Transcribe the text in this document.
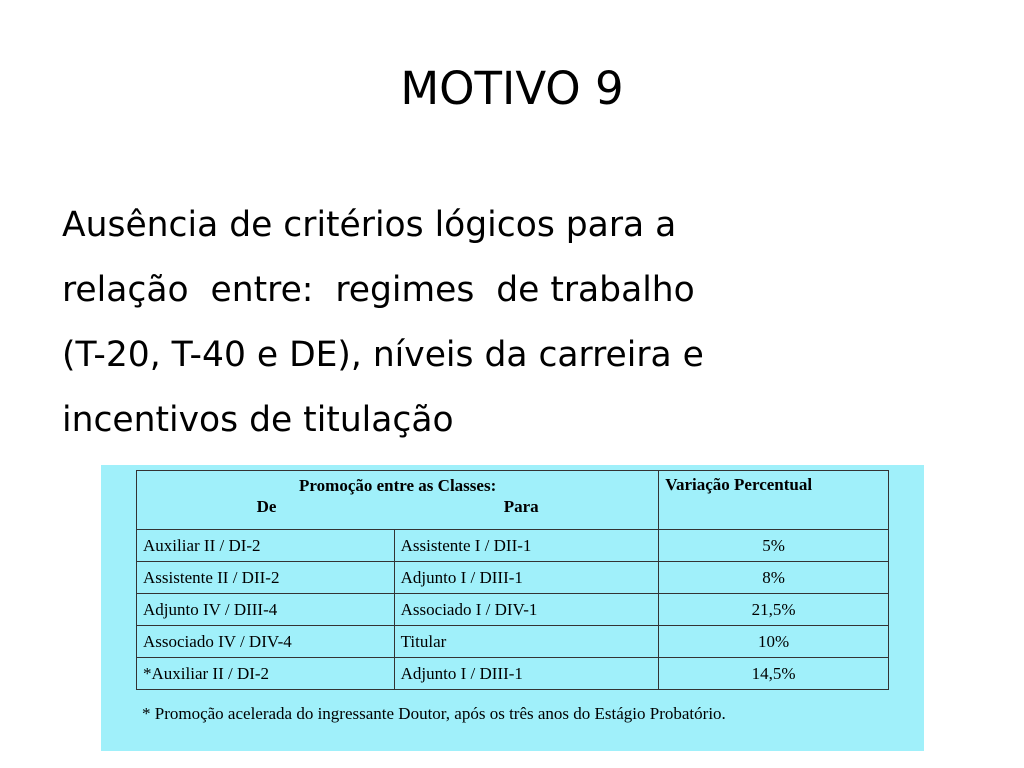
MOTIVO 9
Ausência de critérios lógicos para a
relação  entre:  regimes  de trabalho
(T-20, T-40 e DE), níveis da carreira e
incentivos de titulação
Promoção entre as Classes:
De Para		Variação Percentual
Auxiliar II / DI-2	Assistente I / DII-1	5%
Assistente II / DII-2	Adjunto I / DIII-1	8%
Adjunto IV / DIII-4	Associado I / DIV-1	21,5%
Associado IV / DIV-4	Titular	10%
*Auxiliar II / DI-2	Adjunto I / DIII-1	14,5%
* Promoção acelerada do ingressante Doutor, após os três anos do Estágio Probatório.
